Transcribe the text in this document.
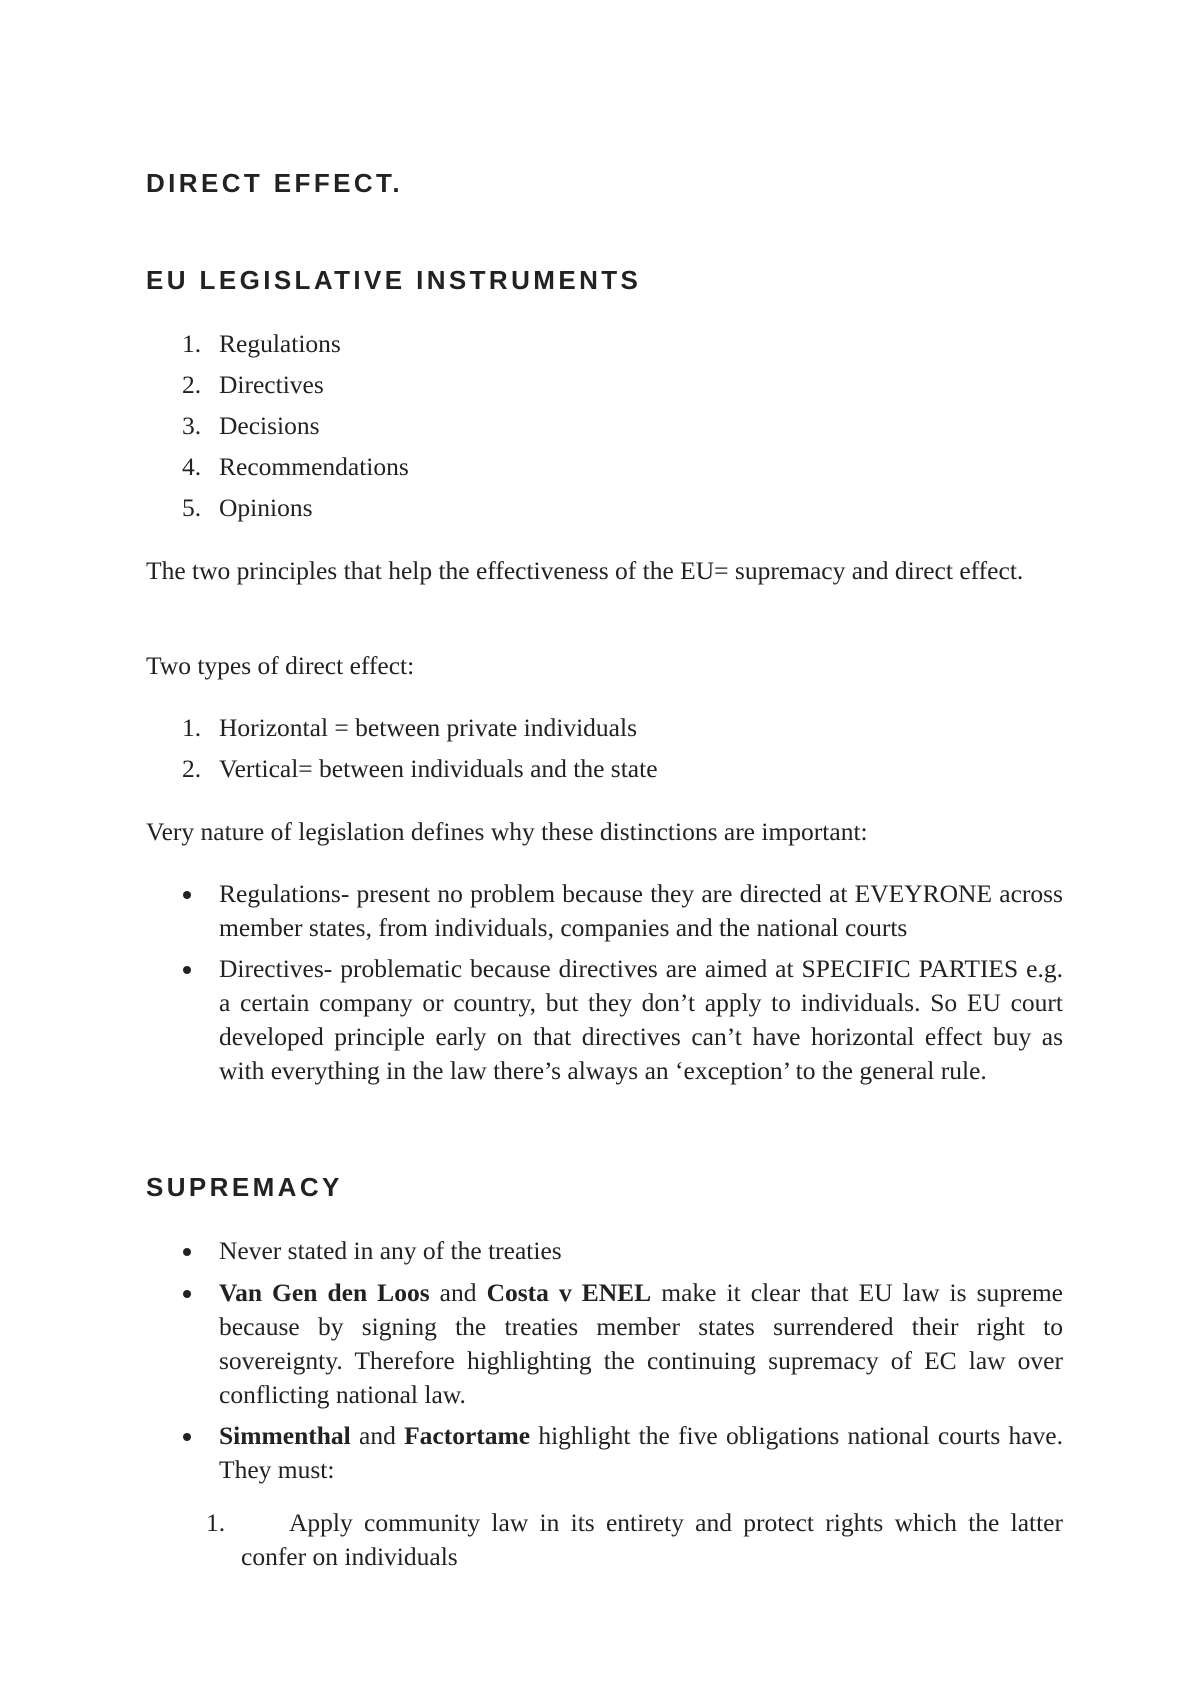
DIRECT EFFECT.
EU LEGISLATIVE INSTRUMENTS
1. Regulations
2. Directives
3. Decisions
4. Recommendations
5. Opinions

The two principles that help the effectiveness of the EU= supremacy and direct effect.

Two types of direct effect:

1. Horizontal = between private individuals
2. Vertical= between individuals and the state

Very nature of legislation defines why these distinctions are important:

Regulations- present no problem because they are directed at EVEYRONE across member states, from individuals, companies and the national courts
Directives- problematic because directives are aimed at SPECIFIC PARTIES e.g. a certain company or country, but they don’t apply to individuals. So EU court developed principle early on that directives can’t have horizontal effect buy as with everything in the law there’s always an ‘exception’ to the general rule.
SUPREMACY
Never stated in any of the treaties
Van Gen den Loos and Costa v ENEL make it clear that EU law is supreme because by signing the treaties member states surrendered their right to sovereignty. Therefore highlighting the continuing supremacy of EC law over conflicting national law.
Simmenthal and Factortame highlight the five obligations national courts have. They must:

1.	Apply community law in its entirety and protect rights which the latter confer on individuals
